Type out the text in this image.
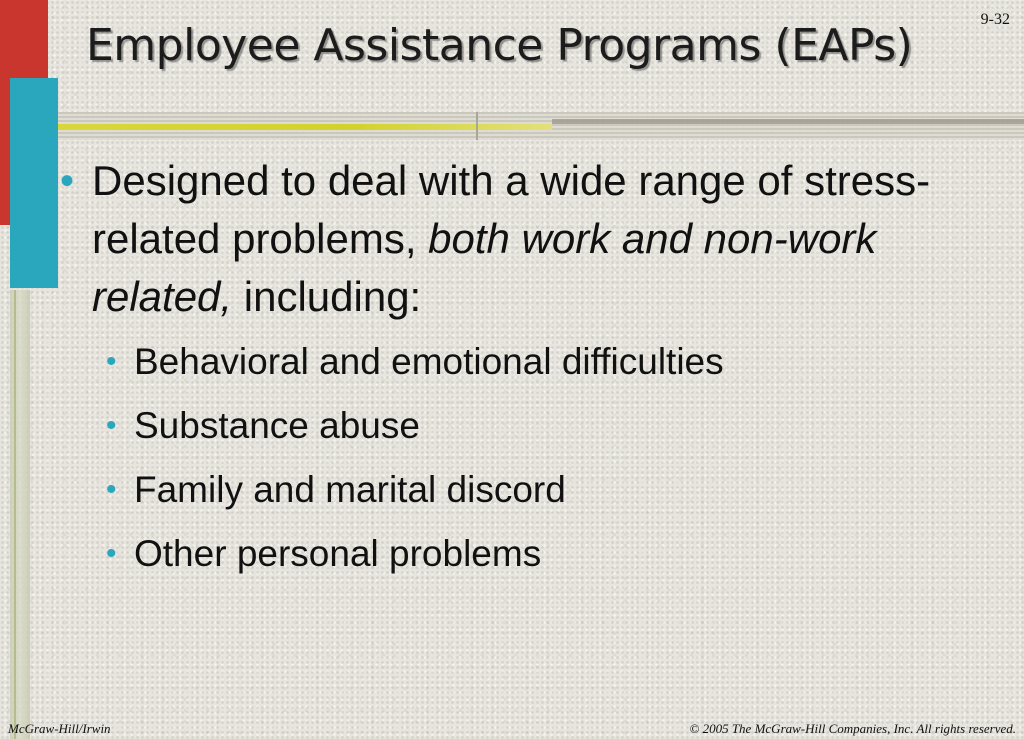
9-32
Employee Assistance Programs (EAPs)
• Designed to deal with a wide range of stress-related problems, both work and non-work related, including:
• Behavioral and emotional difficulties
• Substance abuse
• Family and marital discord
• Other personal problems
McGraw-Hill/Irwin	© 2005 The McGraw-Hill Companies, Inc. All rights reserved.
